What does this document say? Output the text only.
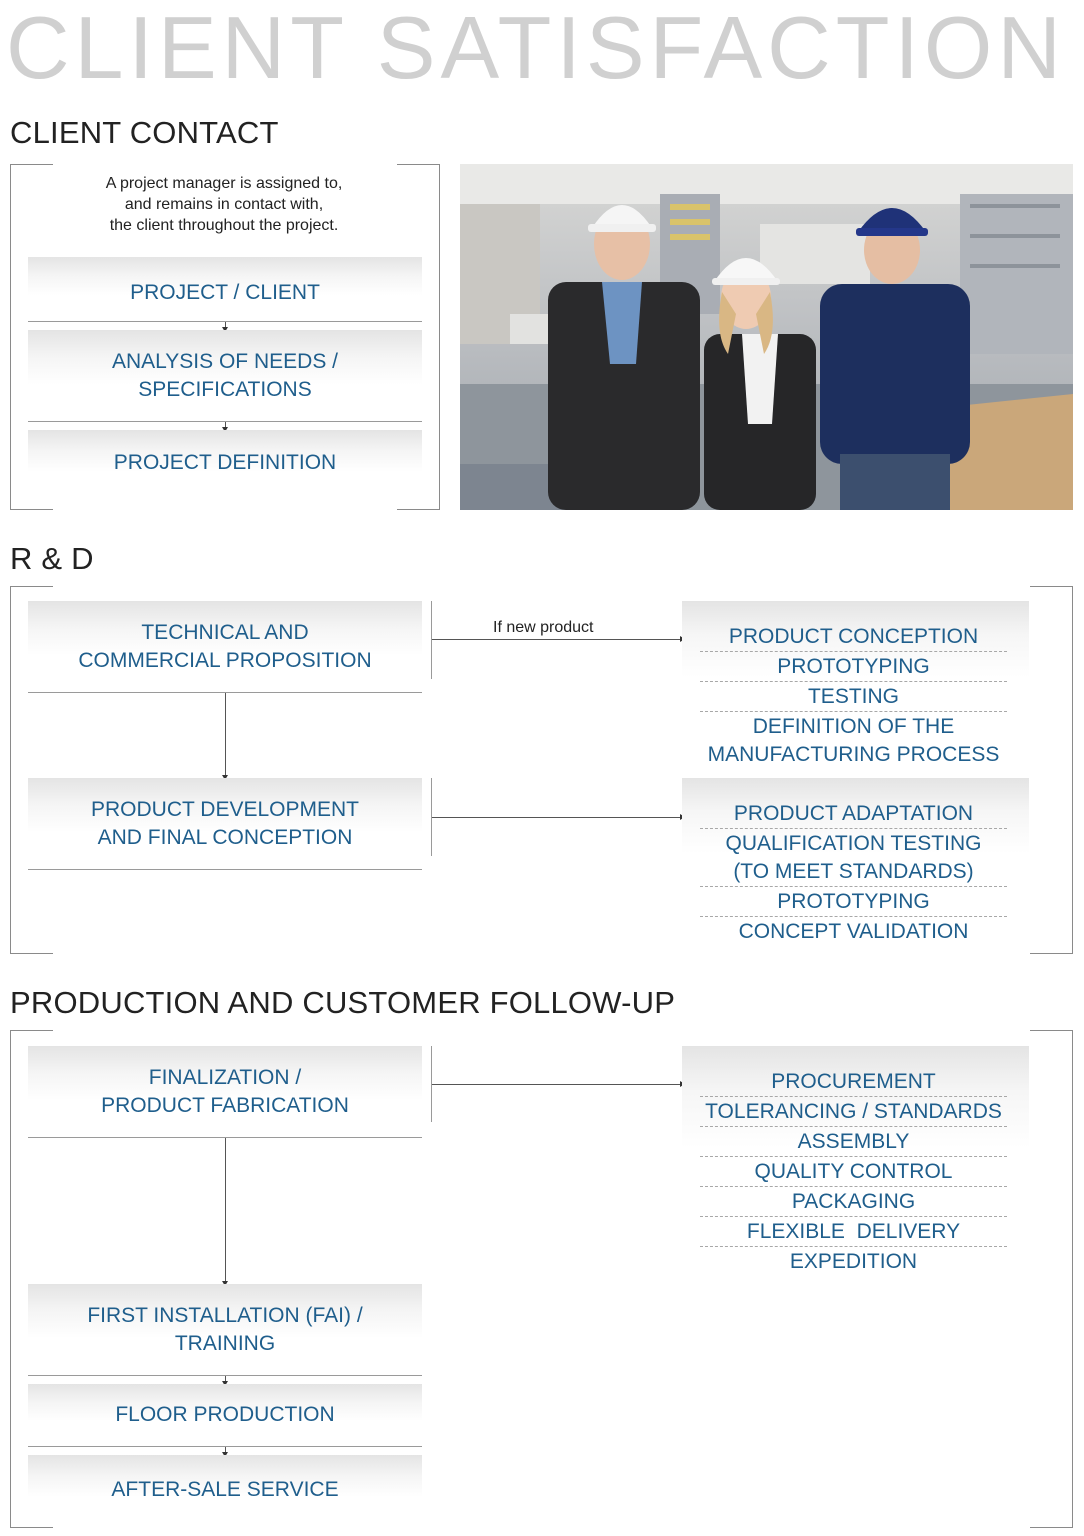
CLIENT SATISFACTION
CLIENT CONTACT
A project manager is assigned to,
and remains in contact with,
the client throughout the project.
PROJECT / CLIENT
ANALYSIS OF NEEDS /
SPECIFICATIONS
PROJECT DEFINITION
R & D
TECHNICAL AND
COMMERCIAL PROPOSITION
If new product	PRODUCT CONCEPTION
PROTOTYPING
TESTING
DEFINITION OF THE
MANUFACTURING PROCESS
PRODUCT DEVELOPMENT
AND FINAL CONCEPTION
PRODUCT ADAPTATION
QUALIFICATION TESTING
(TO MEET STANDARDS)
PROTOTYPING
CONCEPT VALIDATION
PRODUCTION AND CUSTOMER FOLLOW-UP
FINALIZATION /
PRODUCT FABRICATION
PROCUREMENT
TOLERANCING / STANDARDS
ASSEMBLY
QUALITY CONTROL
PACKAGING
FLEXIBLE  DELIVERY
EXPEDITION
FIRST INSTALLATION (FAI) /
TRAINING
FLOOR PRODUCTION
AFTER-SALE SERVICE
